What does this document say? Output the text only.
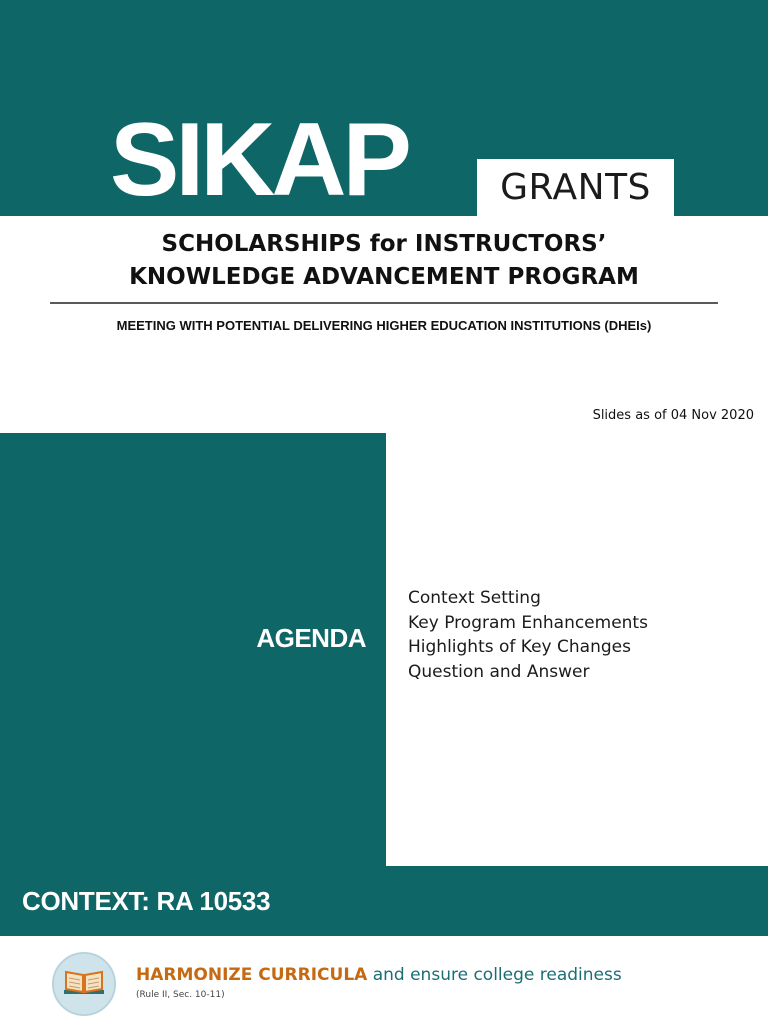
SIKAP	GRANTS
SCHOLARSHIPS for INSTRUCTORS’
KNOWLEDGE ADVANCEMENT PROGRAM
MEETING WITH POTENTIAL DELIVERING HIGHER EDUCATION INSTITUTIONS (DHEIs)
Slides as of 04 Nov 2020
AGENDA
Context Setting
Key Program Enhancements
Highlights of Key Changes
Question and Answer
CONTEXT: RA 10533
HARMONIZE CURRICULA and ensure college readiness
(Rule II, Sec. 10-11)
